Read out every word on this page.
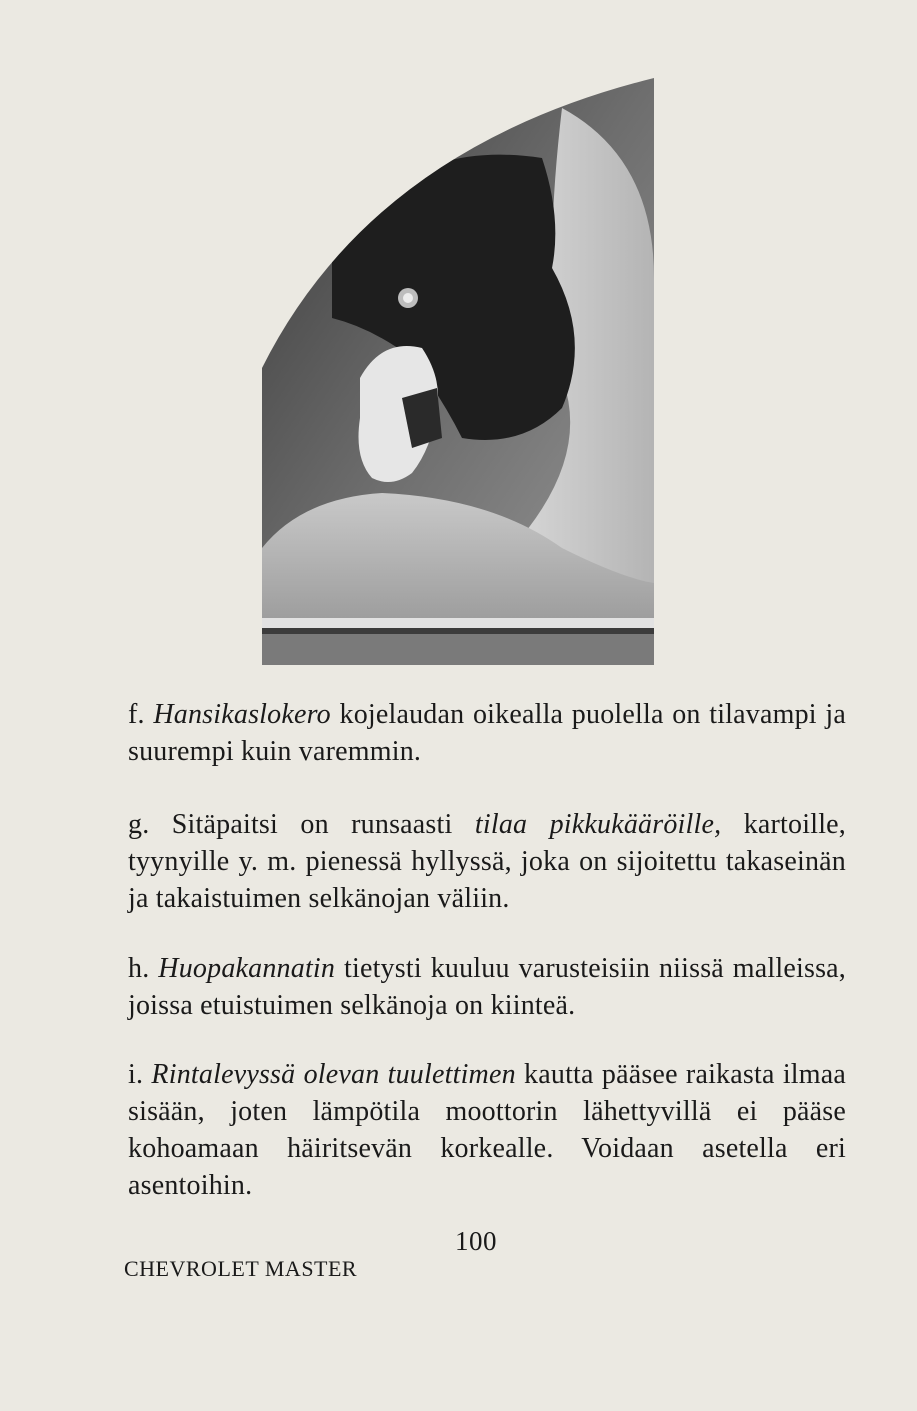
f. Hansikaslokero kojelaudan oikealla puolella on tilavampi ja suurempi kuin varemmin.
g. Sitäpaitsi on runsaasti tilaa pikkukääröille, kartoille, tyynyille y. m. pienessä hyllyssä, joka on sijoitettu takaseinän ja takaistuimen selkänojan väliin.
h. Huopakannatin tietysti kuuluu varusteisiin niissä malleissa, joissa etuistuimen selkänoja on kiinteä.
i. Rintalevyssä olevan tuulettimen kautta pääsee raikasta ilmaa sisään, joten lämpötila moottorin lähettyvillä ei pääse kohoamaan häiritsevän korkealle. Voidaan asetella eri asentoihin.
100
CHEVROLET MASTER
